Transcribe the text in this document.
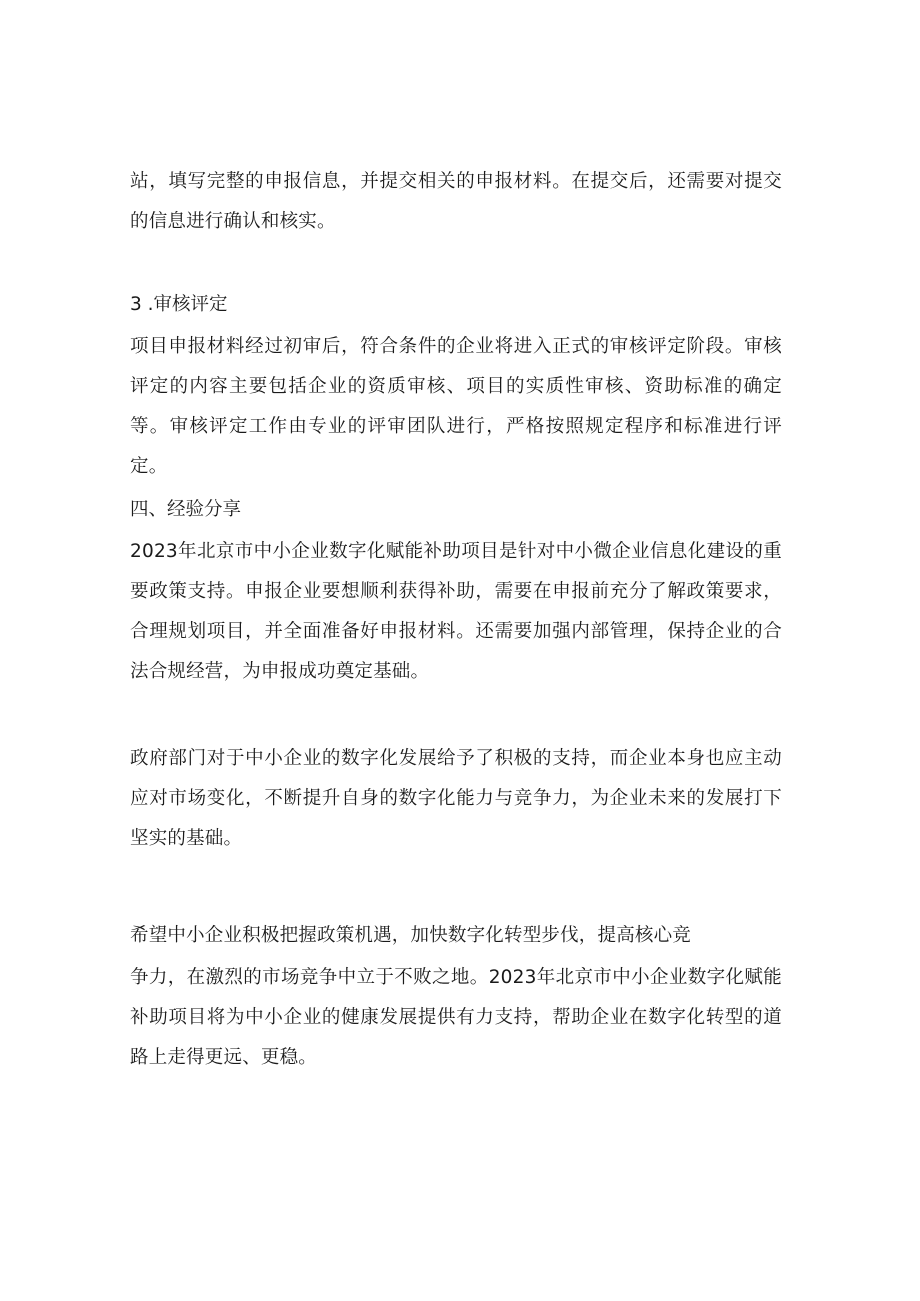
站，填写完整的申报信息，并提交相关的申报材料。在提交后，还需要对提交的信息进行确认和核实。

3 .审核评定

项目申报材料经过初审后，符合条件的企业将进入正式的审核评定阶段。审核评定的内容主要包括企业的资质审核、项目的实质性审核、资助标准的确定等。审核评定工作由专业的评审团队进行，严格按照规定程序和标准进行评定。

四、经验分享

2023年北京市中小企业数字化赋能补助项目是针对中小微企业信息化建设的重要政策支持。申报企业要想顺利获得补助，需要在申报前充分了解政策要求，合理规划项目，并全面准备好申报材料。还需要加强内部管理，保持企业的合法合规经营，为申报成功奠定基础。

政府部门对于中小企业的数字化发展给予了积极的支持，而企业本身也应主动应对市场变化，不断提升自身的数字化能力与竞争力，为企业未来的发展打下坚实的基础。

希望中小企业积极把握政策机遇，加快数字化转型步伐，提高核心竞

争力，在激烈的市场竞争中立于不败之地。2023年北京市中小企业数字化赋能补助项目将为中小企业的健康发展提供有力支持，帮助企业在数字化转型的道路上走得更远、更稳。
